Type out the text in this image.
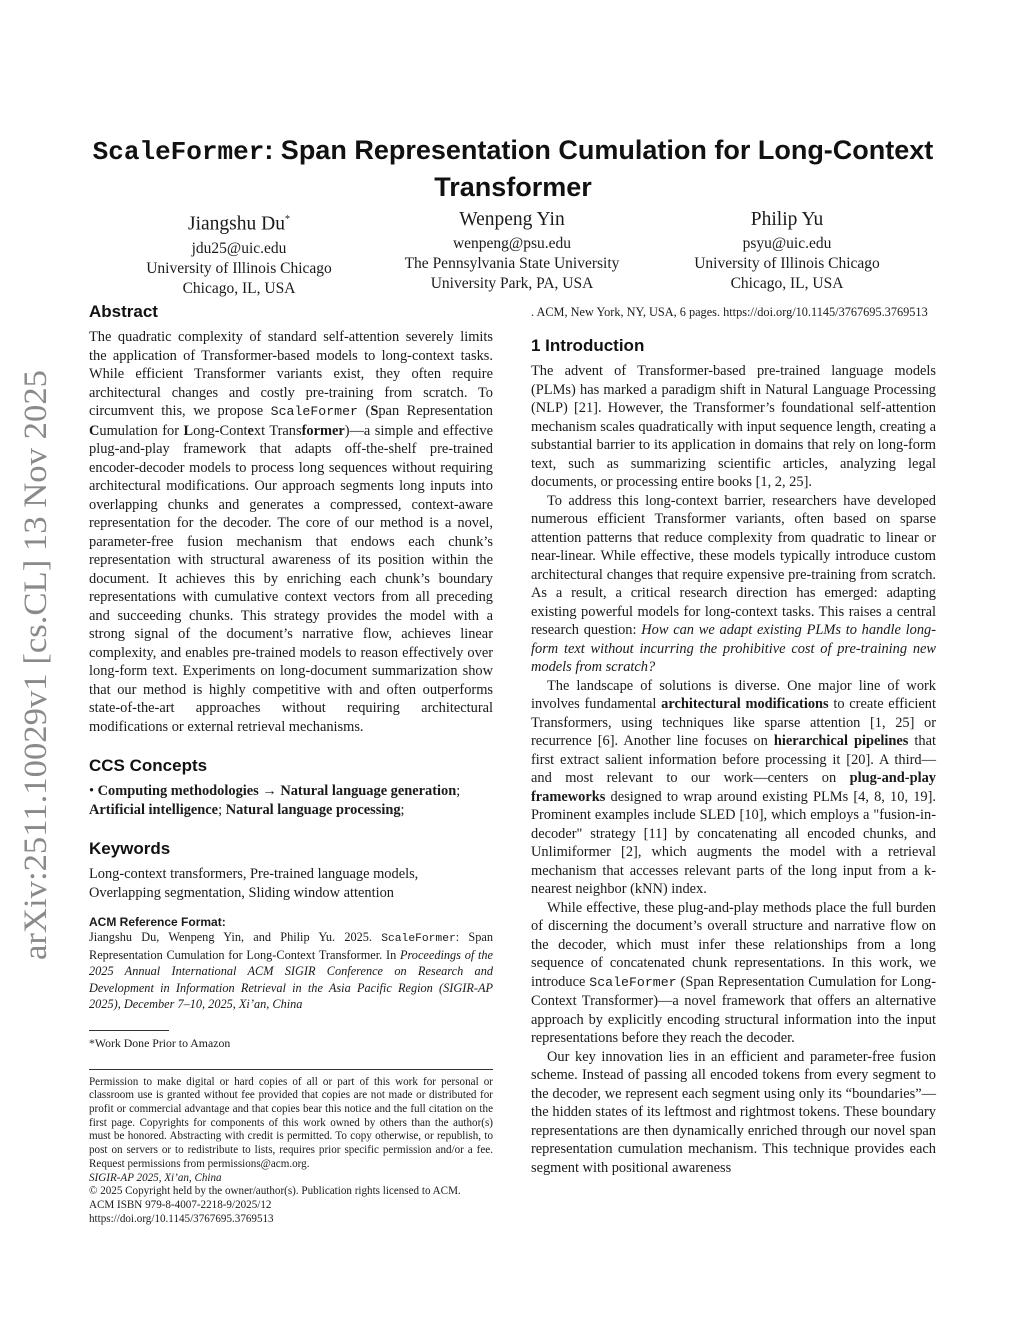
arXiv:2511.10029v1 [cs.CL] 13 Nov 2025
ScaleFormer: Span Representation Cumulation for Long-Context Transformer
Jiangshu Du*
jdu25@uic.edu
University of Illinois Chicago
Chicago, IL, USA
Wenpeng Yin
wenpeng@psu.edu
The Pennsylvania State University
University Park, PA, USA
Philip Yu
psyu@uic.edu
University of Illinois Chicago
Chicago, IL, USA
Abstract

The quadratic complexity of standard self-attention severely limits the application of Transformer-based models to long-context tasks. While efficient Transformer variants exist, they often require architectural changes and costly pre-training from scratch. To circumvent this, we propose ScaleFormer (Span Representation Cumulation for Long-Context Transformer)—a simple and effective plug-and-play framework that adapts off-the-shelf pre-trained encoder-decoder models to process long sequences without requiring architectural modifications. Our approach segments long inputs into overlapping chunks and generates a compressed, context-aware representation for the decoder. The core of our method is a novel, parameter-free fusion mechanism that endows each chunk’s representation with structural awareness of its position within the document. It achieves this by enriching each chunk’s boundary representations with cumulative context vectors from all preceding and succeeding chunks. This strategy provides the model with a strong signal of the document’s narrative flow, achieves linear complexity, and enables pre-trained models to reason effectively over long-form text. Experiments on long-document summarization show that our method is highly competitive with and often outperforms state-of-the-art approaches without requiring architectural modifications or external retrieval mechanisms.

CCS Concepts

• Computing methodologies → Natural language generation; Artificial intelligence; Natural language processing;

Keywords

Long-context transformers, Pre-trained language models, Overlapping segmentation, Sliding window attention

ACM Reference Format:

Jiangshu Du, Wenpeng Yin, and Philip Yu. 2025. ScaleFormer: Span Representation Cumulation for Long-Context Transformer. In Proceedings of the 2025 Annual International ACM SIGIR Conference on Research and Development in Information Retrieval in the Asia Pacific Region (SIGIR-AP 2025), December 7–10, 2025, Xi’an, China

*Work Done Prior to Amazon
Permission to make digital or hard copies of all or part of this work for personal or classroom use is granted without fee provided that copies are not made or distributed for profit or commercial advantage and that copies bear this notice and the full citation on the first page. Copyrights for components of this work owned by others than the author(s) must be honored. Abstracting with credit is permitted. To copy otherwise, or republish, to post on servers or to redistribute to lists, requires prior specific permission and/or a fee. Request permissions from permissions@acm.org.
SIGIR-AP 2025, Xi’an, China
© 2025 Copyright held by the owner/author(s). Publication rights licensed to ACM.
ACM ISBN 979-8-4007-2218-9/2025/12
https://doi.org/10.1145/3767695.3769513

. ACM, New York, NY, USA, 6 pages. https://doi.org/10.1145/3767695.3769513

1 Introduction

The advent of Transformer-based pre-trained language models (PLMs) has marked a paradigm shift in Natural Language Processing (NLP) [21]. However, the Transformer’s foundational self-attention mechanism scales quadratically with input sequence length, creating a substantial barrier to its application in domains that rely on long-form text, such as summarizing scientific articles, analyzing legal documents, or processing entire books [1, 2, 25].

To address this long-context barrier, researchers have developed numerous efficient Transformer variants, often based on sparse attention patterns that reduce complexity from quadratic to linear or near-linear. While effective, these models typically introduce custom architectural changes that require expensive pre-training from scratch. As a result, a critical research direction has emerged: adapting existing powerful models for long-context tasks. This raises a central research question: How can we adapt existing PLMs to handle long-form text without incurring the prohibitive cost of pre-training new models from scratch?

The landscape of solutions is diverse. One major line of work involves fundamental architectural modifications to create efficient Transformers, using techniques like sparse attention [1, 25] or recurrence [6]. Another line focuses on hierarchical pipelines that first extract salient information before processing it [20]. A third—and most relevant to our work—centers on plug-and-play frameworks designed to wrap around existing PLMs [4, 8, 10, 19]. Prominent examples include SLED [10], which employs a "fusion-in-decoder" strategy [11] by concatenating all encoded chunks, and Unlimiformer [2], which augments the model with a retrieval mechanism that accesses relevant parts of the long input from a k-nearest neighbor (kNN) index.

While effective, these plug-and-play methods place the full burden of discerning the document’s overall structure and narrative flow on the decoder, which must infer these relationships from a long sequence of concatenated chunk representations. In this work, we introduce ScaleFormer (Span Representation Cumulation for Long-Context Transformer)—a novel framework that offers an alternative approach by explicitly encoding structural information into the input representations before they reach the decoder.

Our key innovation lies in an efficient and parameter-free fusion scheme. Instead of passing all encoded tokens from every segment to the decoder, we represent each segment using only its “boundaries”—the hidden states of its leftmost and rightmost tokens. These boundary representations are then dynamically enriched through our novel span representation cumulation mechanism. This technique provides each segment with positional awareness
